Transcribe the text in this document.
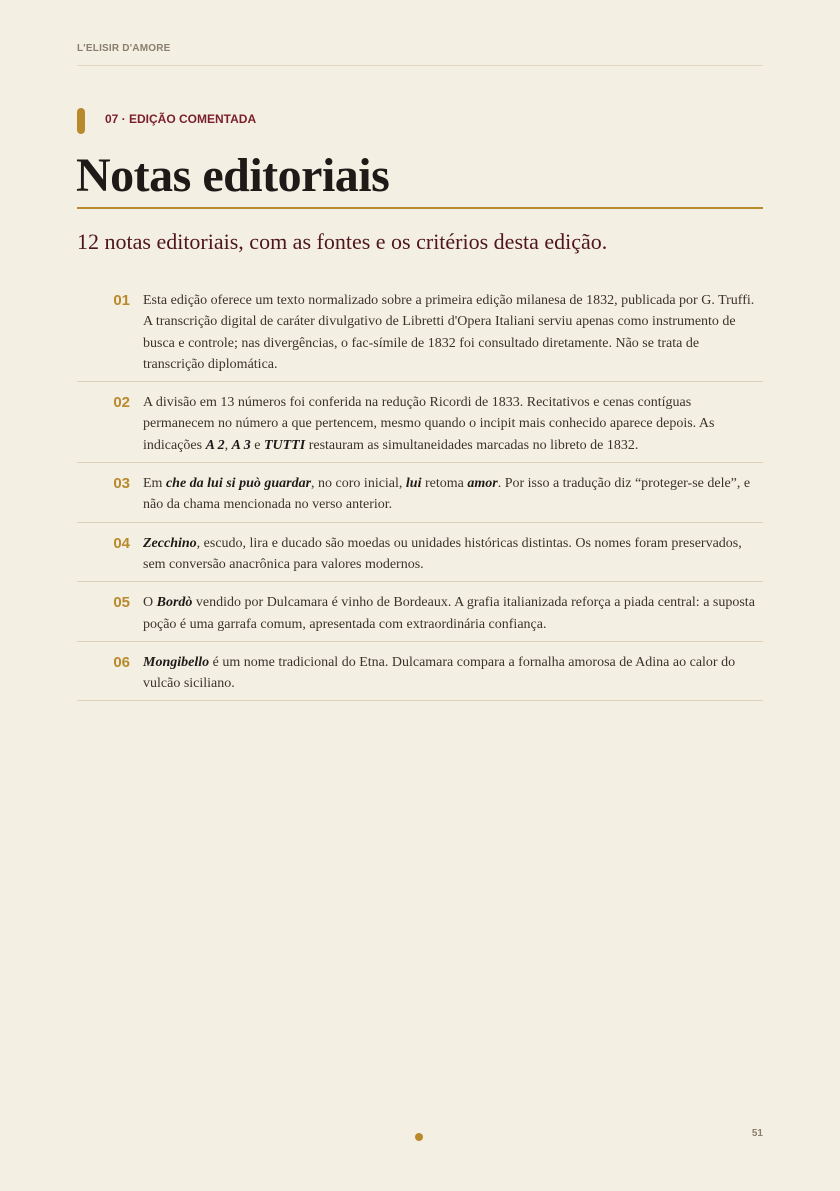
L'ELISIR D'AMORE
07 · EDIÇÃO COMENTADA
Notas editoriais
12 notas editoriais, com as fontes e os critérios desta edição.
01 Esta edição oferece um texto normalizado sobre a primeira edição milanesa de 1832, publicada por G. Truffi. A transcrição digital de caráter divulgativo de Libretti d'Opera Italiani serviu apenas como instrumento de busca e controle; nas divergências, o fac-símile de 1832 foi consultado diretamente. Não se trata de transcrição diplomática.
02 A divisão em 13 números foi conferida na redução Ricordi de 1833. Recitativos e cenas contíguas permanecem no número a que pertencem, mesmo quando o incipit mais conhecido aparece depois. As indicações A 2, A 3 e TUTTI restauram as simultaneidades marcadas no libreto de 1832.
03 Em che da lui si può guardar, no coro inicial, lui retoma amor. Por isso a tradução diz “proteger-se dele”, e não da chama mencionada no verso anterior.
04 Zecchino, escudo, lira e ducado são moedas ou unidades históricas distintas. Os nomes foram preservados, sem conversão anacrônica para valores modernos.
05 O Bordò vendido por Dulcamara é vinho de Bordeaux. A grafia italianizada reforça a piada central: a suposta poção é uma garrafa comum, apresentada com extraordinária confiança.
06 Mongibello é um nome tradicional do Etna. Dulcamara compara a fornalha amorosa de Adina ao calor do vulcão siciliano.
51
